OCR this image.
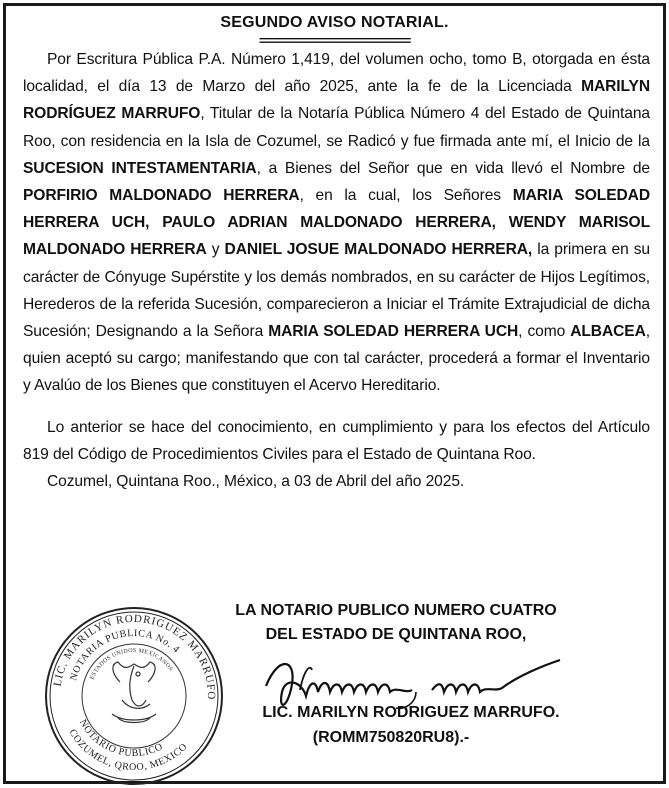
SEGUNDO AVISO NOTARIAL.
========================

Por Escritura Pública P.A. Número 1,419, del volumen ocho, tomo B, otorgada en ésta localidad, el día 13 de Marzo del año 2025, ante la fe de la Licenciada MARILYN RODRÍGUEZ MARRUFO, Titular de la Notaría Pública Número 4 del Estado de Quintana Roo, con residencia en la Isla de Cozumel, se Radicó y fue firmada ante mí, el Inicio de la SUCESION INTESTAMENTARIA, a Bienes del Señor que en vida llevó el Nombre de PORFIRIO MALDONADO HERRERA, en la cual, los Señores MARIA SOLEDAD HERRERA UCH, PAULO ADRIAN MALDONADO HERRERA, WENDY MARISOL MALDONADO HERRERA y DANIEL JOSUE MALDONADO HERRERA, la primera en su carácter de Cónyuge Supérstite y los demás nombrados, en su carácter de Hijos Legítimos, Herederos de la referida Sucesión, comparecieron a Iniciar el Trámite Extrajudicial de dicha Sucesión; Designando a la Señora MARIA SOLEDAD HERRERA UCH, como ALBACEA, quien aceptó su cargo; manifestando que con tal carácter, procederá a formar el Inventario y Avalúo de los Bienes que constituyen el Acervo Hereditario.

Lo anterior se hace del conocimiento, en cumplimiento y para los efectos del Artículo 819 del Código de Procedimientos Civiles para el Estado de Quintana Roo.

Cozumel, Quintana Roo., México, a 03 de Abril del año 2025.

LA NOTARIO PUBLICO NUMERO CUATRO
DEL ESTADO DE QUINTANA ROO,
LIC. MARILYN RODRIGUEZ MARRUFO.
(ROMM750820RU8).-
LIC. MARILYN RODRIGUEZ MARRUFO
NOTARIA PUBLICA No. 4
ESTADOS UNIDOS MEXICANOS
NOTARIO PUBLICO
COZUMEL, QROO, MEXICO
